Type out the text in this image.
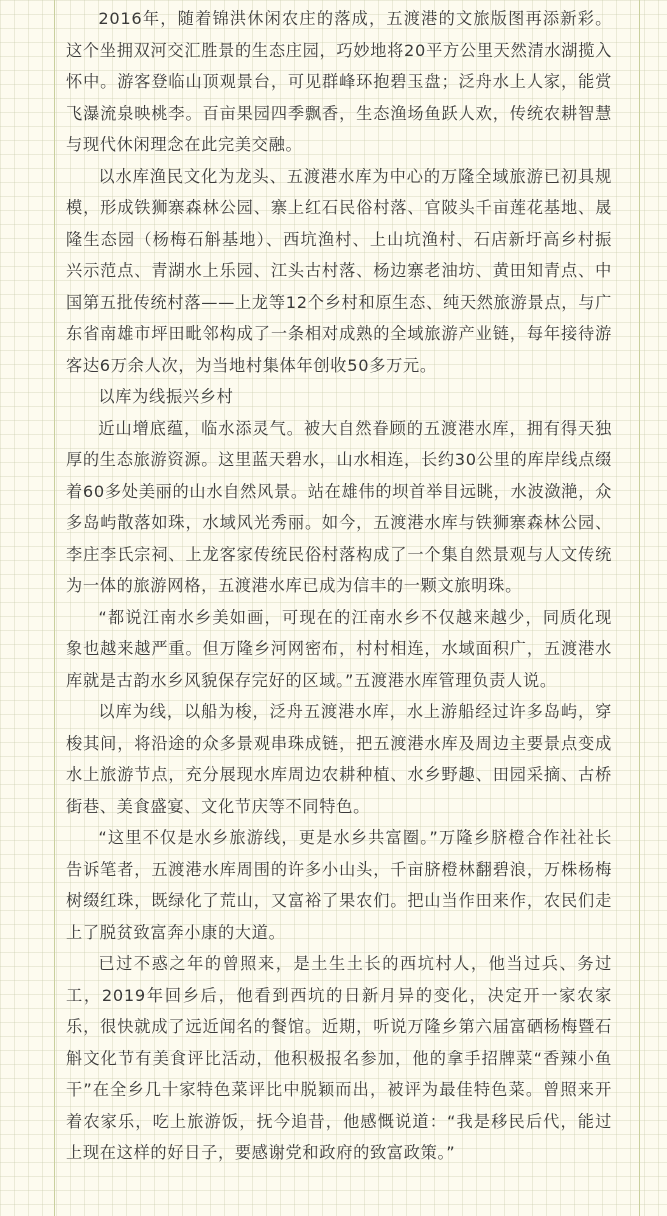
2016年，随着锦洪休闲农庄的落成，五渡港的文旅版图再添新彩。这个坐拥双河交汇胜景的生态庄园，巧妙地将20平方公里天然清水湖揽入怀中。游客登临山顶观景台，可见群峰环抱碧玉盘；泛舟水上人家，能赏飞瀑流泉映桃李。百亩果园四季飘香，生态渔场鱼跃人欢，传统农耕智慧与现代休闲理念在此完美交融。

以水库渔民文化为龙头、五渡港水库为中心的万隆全域旅游已初具规模，形成铁狮寨森林公园、寨上红石民俗村落、官陂头千亩莲花基地、晟隆生态园（杨梅石斛基地）、西坑渔村、上山坑渔村、石店新圩高乡村振兴示范点、青湖水上乐园、江头古村落、杨边寨老油坊、黄田知青点、中国第五批传统村落——上龙等12个乡村和原生态、纯天然旅游景点，与广东省南雄市坪田毗邻构成了一条相对成熟的全域旅游产业链，每年接待游客达6万余人次，为当地村集体年创收50多万元。

以库为线振兴乡村

近山增底蕴，临水添灵气。被大自然眷顾的五渡港水库，拥有得天独厚的生态旅游资源。这里蓝天碧水，山水相连，长约30公里的库岸线点缀着60多处美丽的山水自然风景。站在雄伟的坝首举目远眺，水波潋滟，众多岛屿散落如珠，水域风光秀丽。如今，五渡港水库与铁狮寨森林公园、李庄李氏宗祠、上龙客家传统民俗村落构成了一个集自然景观与人文传统为一体的旅游网格，五渡港水库已成为信丰的一颗文旅明珠。

“都说江南水乡美如画，可现在的江南水乡不仅越来越少，同质化现象也越来越严重。但万隆乡河网密布，村村相连，水域面积广，五渡港水库就是古韵水乡风貌保存完好的区域。”五渡港水库管理负责人说。

以库为线，以船为梭，泛舟五渡港水库，水上游船经过许多岛屿，穿梭其间，将沿途的众多景观串珠成链，把五渡港水库及周边主要景点变成水上旅游节点，充分展现水库周边农耕种植、水乡野趣、田园采摘、古桥街巷、美食盛宴、文化节庆等不同特色。

“这里不仅是水乡旅游线，更是水乡共富圈。”万隆乡脐橙合作社社长告诉笔者，五渡港水库周围的许多小山头，千亩脐橙林翻碧浪，万株杨梅树缀红珠，既绿化了荒山，又富裕了果农们。把山当作田来作，农民们走上了脱贫致富奔小康的大道。

已过不惑之年的曾照来，是土生土长的西坑村人，他当过兵、务过工，2019年回乡后，他看到西坑的日新月异的变化，决定开一家农家乐，很快就成了远近闻名的餐馆。近期，听说万隆乡第六届富硒杨梅暨石斛文化节有美食评比活动，他积极报名参加，他的拿手招牌菜“香辣小鱼干”在全乡几十家特色菜评比中脱颖而出，被评为最佳特色菜。曾照来开着农家乐，吃上旅游饭，抚今追昔，他感慨说道：“我是移民后代，能过上现在这样的好日子，要感谢党和政府的致富政策。”
